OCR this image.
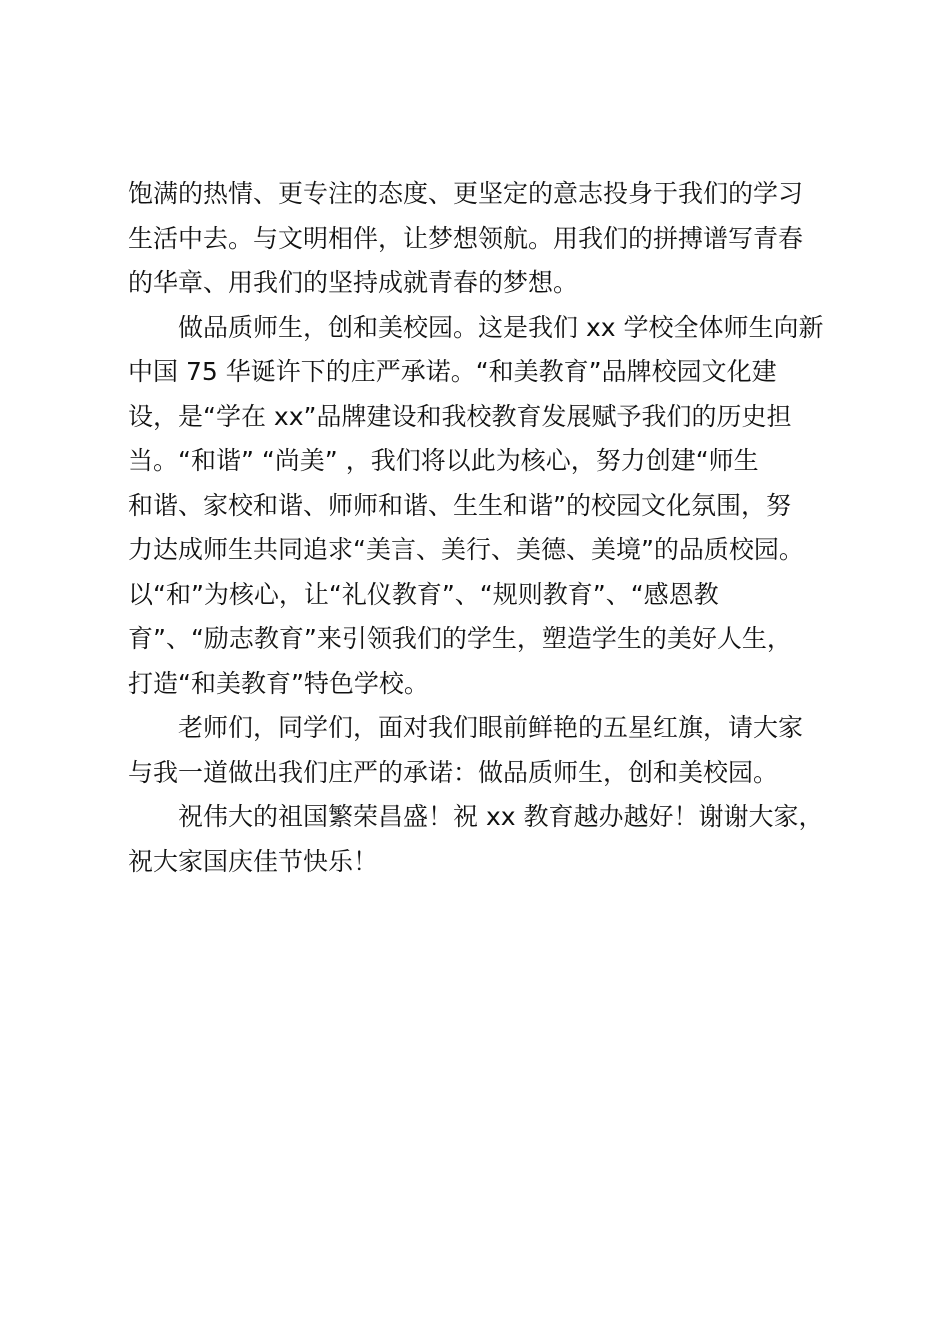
饱满的热情、更专注的态度、更坚定的意志投身于我们的学习
生活中去。与文明相伴，让梦想领航。用我们的拼搏谱写青春
的华章、用我们的坚持成就青春的梦想。
做品质师生，创和美校园。这是我们 xx 学校全体师生向新
中国 75 华诞许下的庄严承诺。“和美教育”品牌校园文化建
设，是“学在 xx”品牌建设和我校教育发展赋予我们的历史担
当。“和谐” “尚美” ，我们将以此为核心，努力创建“师生
和谐、家校和谐、师师和谐、生生和谐”的校园文化氛围，努
力达成师生共同追求“美言、美行、美德、美境”的品质校园。
以“和”为核心，让“礼仪教育”、“规则教育”、“感恩教
育”、“励志教育”来引领我们的学生，塑造学生的美好人生，
打造“和美教育”特色学校。
老师们，同学们，面对我们眼前鲜艳的五星红旗，请大家
与我一道做出我们庄严的承诺：做品质师生，创和美校园。
祝伟大的祖国繁荣昌盛！祝 xx 教育越办越好！谢谢大家，
祝大家国庆佳节快乐！
